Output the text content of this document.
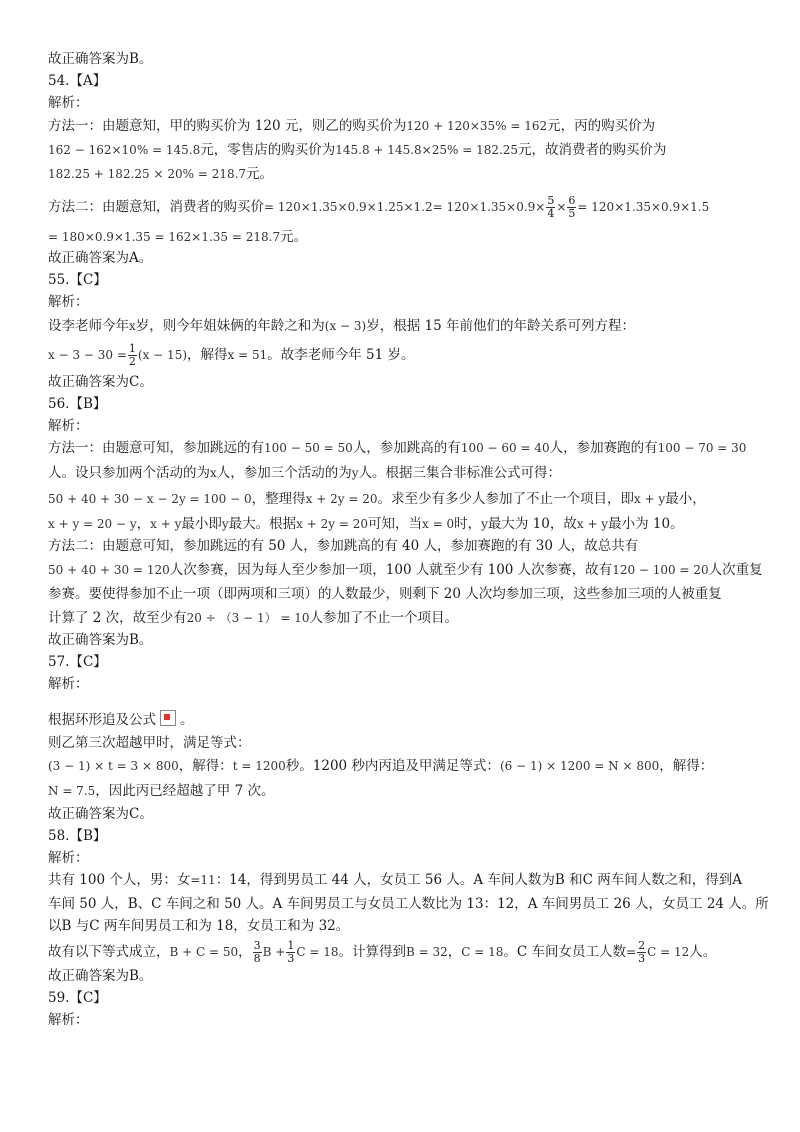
故正确答案为B。
54.【A】
解析：
方法一：由题意知，甲的购买价为 120 元，则乙的购买价为120 + 120×35% = 162元，丙的购买价为
162 − 162×10% = 145.8元，零售店的购买价为145.8 + 145.8×25% = 182.25元，故消费者的购买价为
182.25 + 182.25 × 20% = 218.7元。
方法二：由题意知，消费者的购买价= $120\times 1.35\times 0.9\times 1.25\times 1.2= 120\times 1.35\times 0.9\times \frac{5}{4} \times \frac{6}{5} = 120\times 1.35\times 0.9\times 1.5$
= 180×0.9×1.35 = 162×1.35 = 218.7元。
故正确答案为A。
55.【C】
解析：
设李老师今年x岁，则今年姐妹俩的年龄之和为(x − 3)岁，根据 15 年前他们的年龄关系可列方程：
$x - 3 - 30 = \frac{1}{2} (x - 15)$，解得x = 51。故李老师今年 51 岁。
故正确答案为C。
56.【B】
解析：
方法一：由题意可知，参加跳远的有100 − 50 = 50人，参加跳高的有100 − 60 = 40人，参加赛跑的有100 − 70 = 30
人。设只参加两个活动的为x人，参加三个活动的为y人。根据三集合非标准公式可得：
50 + 40 + 30 − x − 2y = 100 − 0，整理得x + 2y = 20。求至少有多少人参加了不止一个项目，即x + y最小，
x + y = 20 − y，x + y最小即y最大。根据x + 2y = 20可知，当x = 0时，y最大为 10，故x + y最小为 10。
方法二：由题意可知，参加跳远的有 50 人，参加跳高的有 40 人，参加赛跑的有 30 人，故总共有
50 + 40 + 30 = 120人次参赛，因为每人至少参加一项，100 人就至少有 100 人次参赛，故有120 − 100 = 20人次重复
参赛。要使得参加不止一项（即两项和三项）的人数最少，则剩下 20 人次均参加三项，这些参加三项的人被重复
计算了 2 次，故至少有20 ÷ （3 − 1） = 10人参加了不止一个项目。
故正确答案为B。
57.【C】
解析：
根据环形追及公式 。
则乙第三次超越甲时，满足等式：
(3 − 1) × t = 3 × 800，解得：t = 1200秒。1200 秒内丙追及甲满足等式：(6 − 1) × 1200 = N × 800，解得：
N = 7.5，因此丙已经超越了甲 7 次。
故正确答案为C。
58.【B】
解析：
共有 100 个人，男：女=11：14，得到男员工 44 人，女员工 56 人。A 车间人数为B 和C 两车间人数之和，得到A
车间 50 人，B、C 车间之和 50 人。A 车间男员工与女员工人数比为 13：12，A 车间男员工 26 人，女员工 24 人。所
以B 与C 两车间男员工和为 18，女员工和为 32。
故有以下等式成立，B + C = 50， $\frac{3}{8}$ $B + \frac{1}{3}$ C = 18。计算得到B = 32，C = 18。C 车间女员工人数= $\frac{2}{3}$ C = 12人。
故正确答案为B。
59.【C】
解析：
